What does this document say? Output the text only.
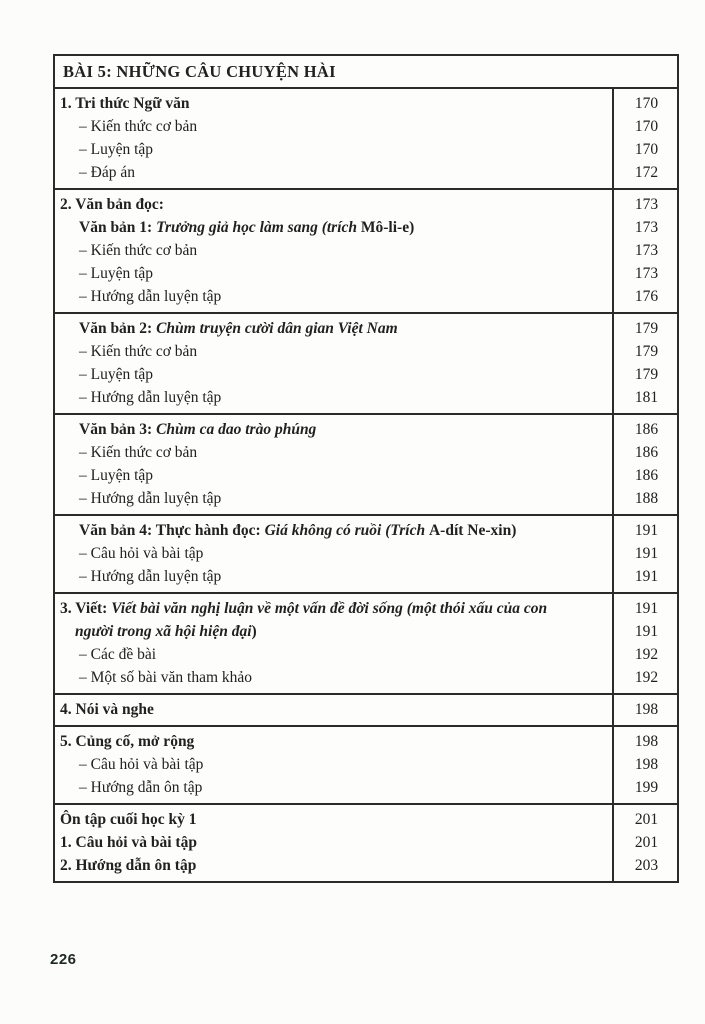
BÀI 5: NHỮNG CÂU CHUYỆN HÀI
1. Tri thức Ngữ văn	170
– Kiến thức cơ bản	170
– Luyện tập	170
– Đáp án	172
2. Văn bản đọc:	173
Văn bản 1: Trưởng giả học làm sang (trích Mô-li-e)	173
– Kiến thức cơ bản	173
– Luyện tập	173
– Hướng dẫn luyện tập	176
Văn bản 2: Chùm truyện cười dân gian Việt Nam	179
– Kiến thức cơ bản	179
– Luyện tập	179
– Hướng dẫn luyện tập	181
Văn bản 3: Chùm ca dao trào phúng	186
– Kiến thức cơ bản	186
– Luyện tập	186
– Hướng dẫn luyện tập	188
Văn bản 4: Thực hành đọc: Giá không có ruồi (Trích A-dít Ne-xin)	191
– Câu hỏi và bài tập	191
– Hướng dẫn luyện tập	191
3. Viết: Viết bài văn nghị luận về một vấn đề đời sống (một thói xấu của con	191
người trong xã hội hiện đại)	191
– Các đề bài	192
– Một số bài văn tham khảo	192
4. Nói và nghe	198
5. Củng cố, mở rộng	198
– Câu hỏi và bài tập	198
– Hướng dẫn ôn tập	199
Ôn tập cuối học kỳ 1	201
1. Câu hỏi và bài tập	201
2. Hướng dẫn ôn tập	203
226
